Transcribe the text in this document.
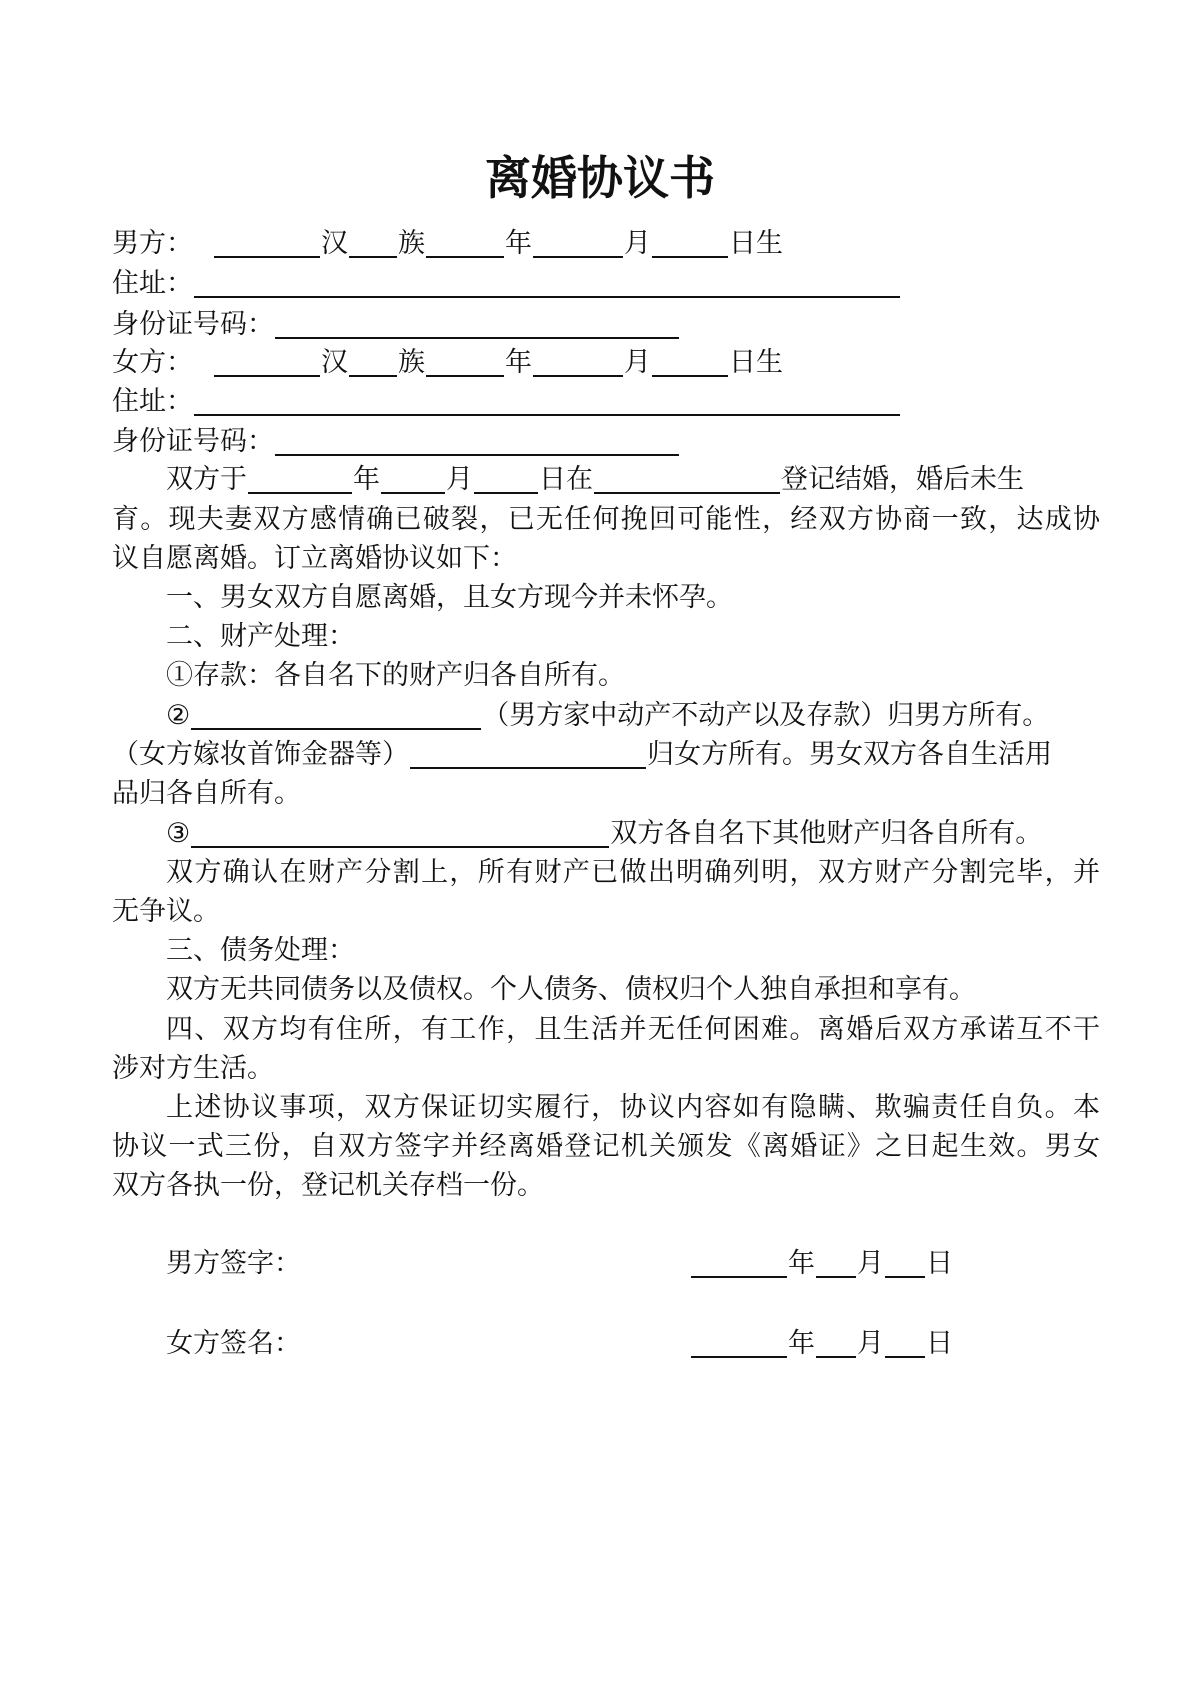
离婚协议书
男方：	汉 族	年	月	日生
住址：
身份证号码：
女方：	汉 族	年	月	日生
住址：
身份证号码：
双方于	年 月 日在	登记结婚，婚后未生
育。现夫妻双方感情确已破裂，已无任何挽回可能性，经双方协商一致，达成协
议自愿离婚。订立离婚协议如下：
一、男女双方自愿离婚，且女方现今并未怀孕。
二、财产处理：
①存款：各自名下的财产归各自所有。
②	（男方家中动产不动产以及存款）归男方所有。
（女方嫁妆首饰金器等）	归女方所有。男女双方各自生活用
品归各自所有。
③	双方各自名下其他财产归各自所有。
双方确认在财产分割上，所有财产已做出明确列明，双方财产分割完毕，并
无争议。
三、债务处理：
双方无共同债务以及债权。个人债务、债权归个人独自承担和享有。
四、双方均有住所，有工作，且生活并无任何困难。离婚后双方承诺互不干
涉对方生活。
上述协议事项，双方保证切实履行，协议内容如有隐瞒、欺骗责任自负。本
协议一式三份，自双方签字并经离婚登记机关颁发《离婚证》之日起生效。男女
双方各执一份，登记机关存档一份。
男方签字：	年 月 日
女方签名：	年 月 日
